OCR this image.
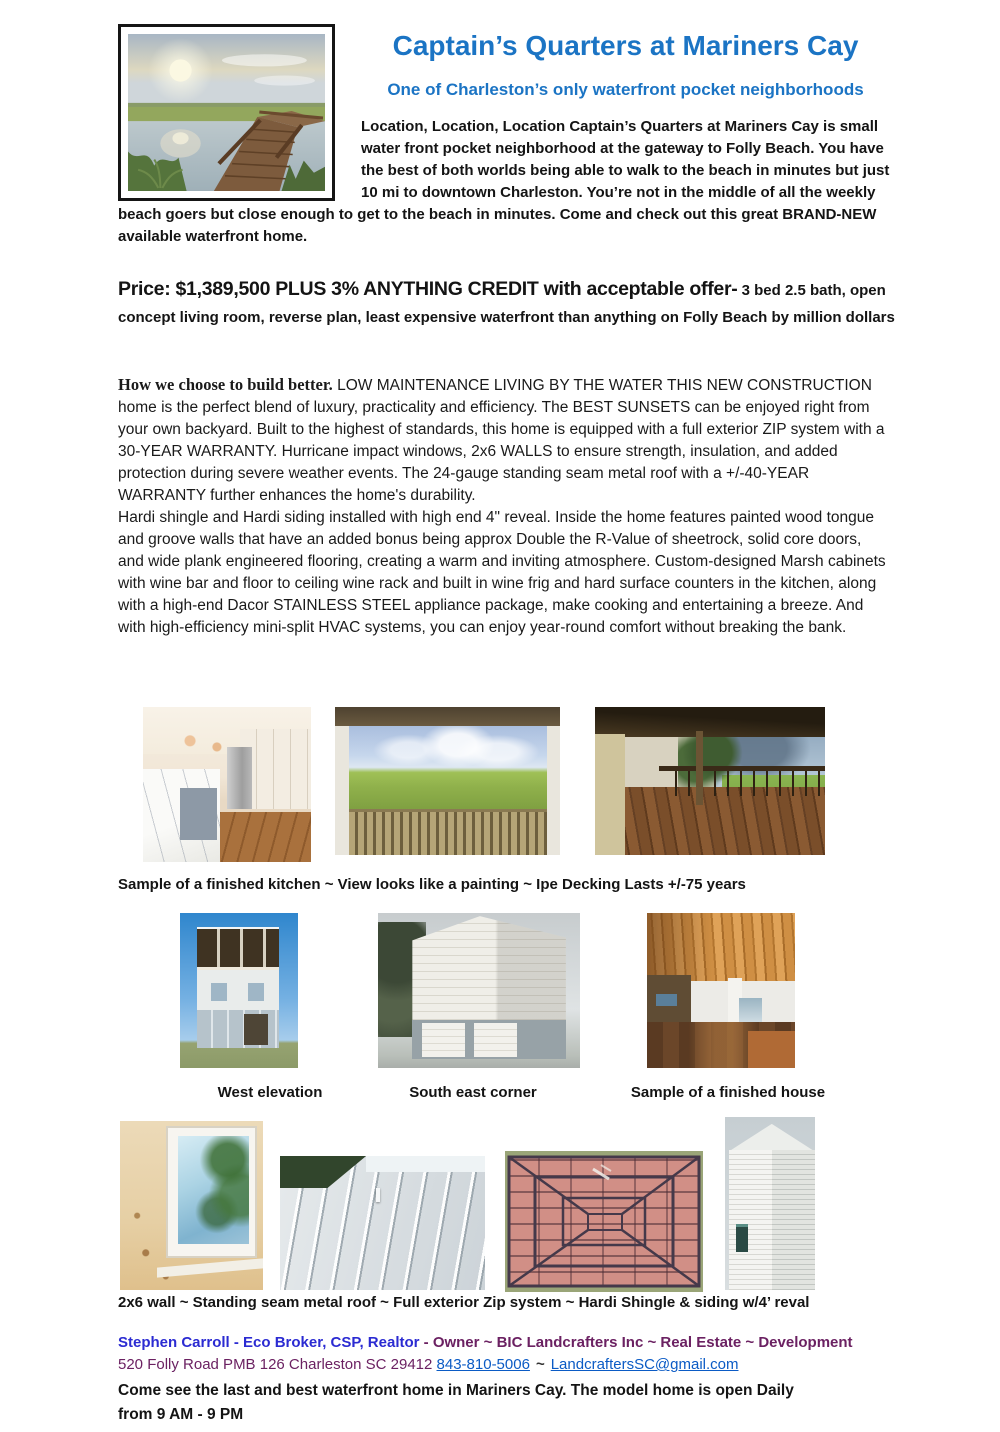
Captain’s Quarters at Mariners Cay
One of Charleston’s only waterfront pocket neighborhoods
Location, Location, Location Captain’s Quarters at Mariners Cay is small water front pocket neighborhood at the gateway to Folly Beach. You have the best of both worlds being able to walk to the beach in minutes but just 10 mi to downtown Charleston. You’re not in the middle of all the weekly beach goers but close enough to get to the beach in minutes. Come and check out this great BRAND-NEW available waterfront home.
Price: $1,389,500 PLUS 3% ANYTHING CREDIT with acceptable offer- 3 bed 2.5 bath, open concept living room, reverse plan, least expensive waterfront than anything on Folly Beach by million dollars
How we choose to build better. LOW MAINTENANCE LIVING BY THE WATER THIS NEW CONSTRUCTION home is the perfect blend of luxury, practicality and efficiency. The BEST SUNSETS can be enjoyed right from your own backyard. Built to the highest of standards, this home is equipped with a full exterior ZIP system with a 30-YEAR WARRANTY. Hurricane impact windows, 2x6 WALLS to ensure strength, insulation, and added protection during severe weather events. The 24-gauge standing seam metal roof with a +/-40-YEAR WARRANTY further enhances the home's durability.
Hardi shingle and Hardi siding installed with high end 4" reveal. Inside the home features painted wood tongue and groove walls that have an added bonus being approx Double the R-Value of sheetrock, solid core doors, and wide plank engineered flooring, creating a warm and inviting atmosphere. Custom-designed Marsh cabinets with wine bar and floor to ceiling wine rack and built in wine frig and hard surface counters in the kitchen, along with a high-end Dacor STAINLESS STEEL appliance package, make cooking and entertaining a breeze. And with high-efficiency mini-split HVAC systems, you can enjoy year-round comfort without breaking the bank.
Sample of a finished kitchen ~ View looks like a painting ~ Ipe Decking Lasts +/-75 years
West elevation	South east corner	Sample of a finished house
2x6 wall ~ Standing seam metal roof ~ Full exterior Zip system ~ Hardi Shingle & siding w/4’ reval
Stephen Carroll - Eco Broker, CSP, Realtor - Owner ~ BIC Landcrafters Inc ~ Real Estate ~ Development
520 Folly Road PMB 126 Charleston SC 29412 843-810-5006 ~ LandcraftersSC@gmail.com
Come see the last and best waterfront home in Mariners Cay. The model home is open Daily
from 9 AM - 9 PM
